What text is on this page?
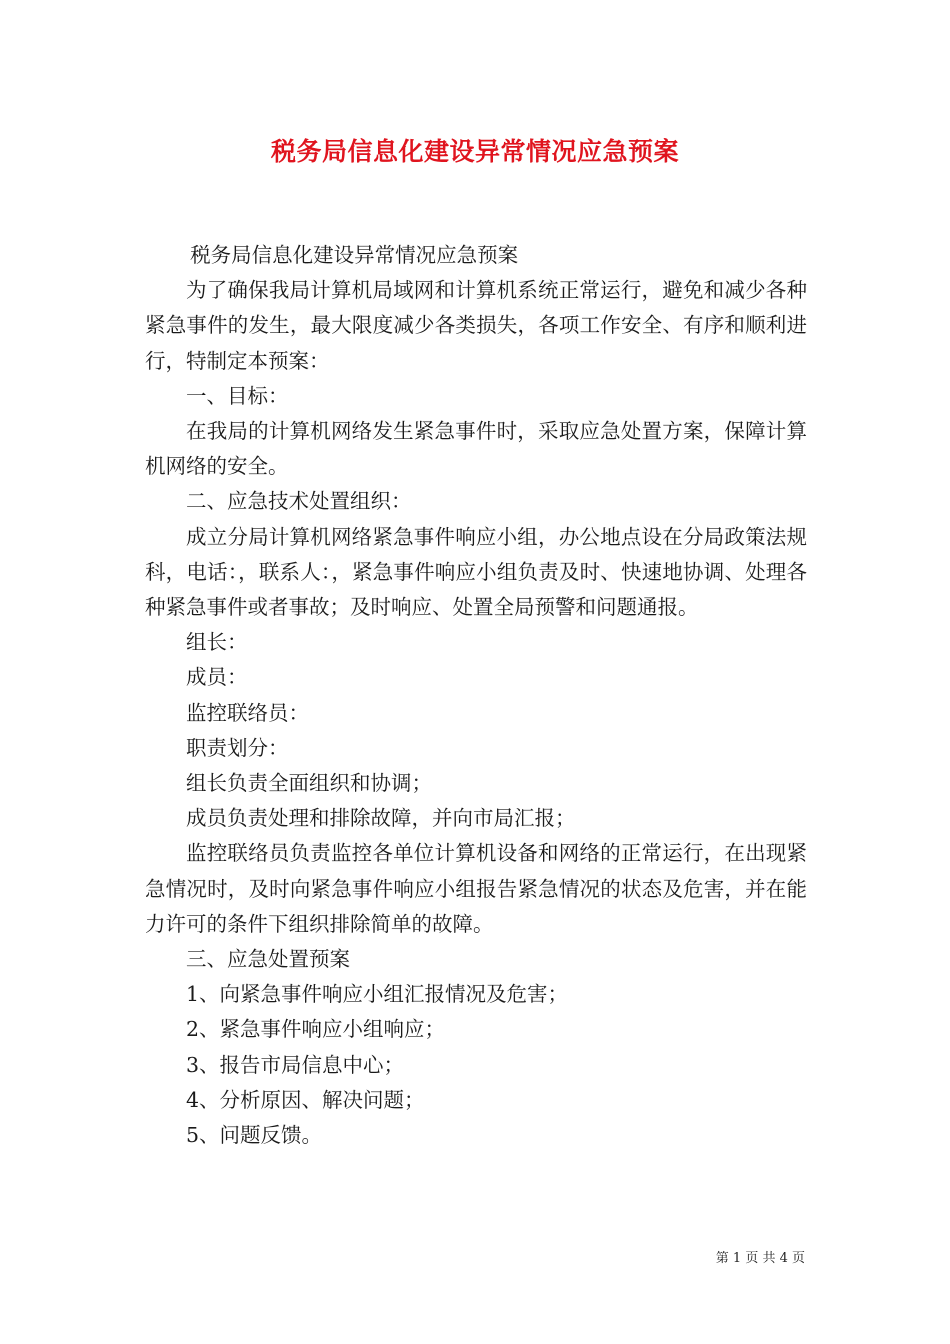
税务局信息化建设异常情况应急预案

税务局信息化建设异常情况应急预案

为了确保我局计算机局域网和计算机系统正常运行，避免和减少各种紧急事件的发生，最大限度减少各类损失，各项工作安全、有序和顺利进行，特制定本预案：

一、目标：

在我局的计算机网络发生紧急事件时，采取应急处置方案，保障计算机网络的安全。

二、应急技术处置组织：

成立分局计算机网络紧急事件响应小组，办公地点设在分局政策法规科，电话：，联系人：，紧急事件响应小组负责及时、快速地协调、处理各种紧急事件或者事故；及时响应、处置全局预警和问题通报。

组长：

成员：

监控联络员：

职责划分：

组长负责全面组织和协调；

成员负责处理和排除故障，并向市局汇报；

监控联络员负责监控各单位计算机设备和网络的正常运行，在出现紧急情况时，及时向紧急事件响应小组报告紧急情况的状态及危害，并在能力许可的条件下组织排除简单的故障。

三、应急处置预案

1、向紧急事件响应小组汇报情况及危害；

2、紧急事件响应小组响应；

3、报告市局信息中心；

4、分析原因、解决问题；

5、问题反馈。

第 1 页 共 4 页
